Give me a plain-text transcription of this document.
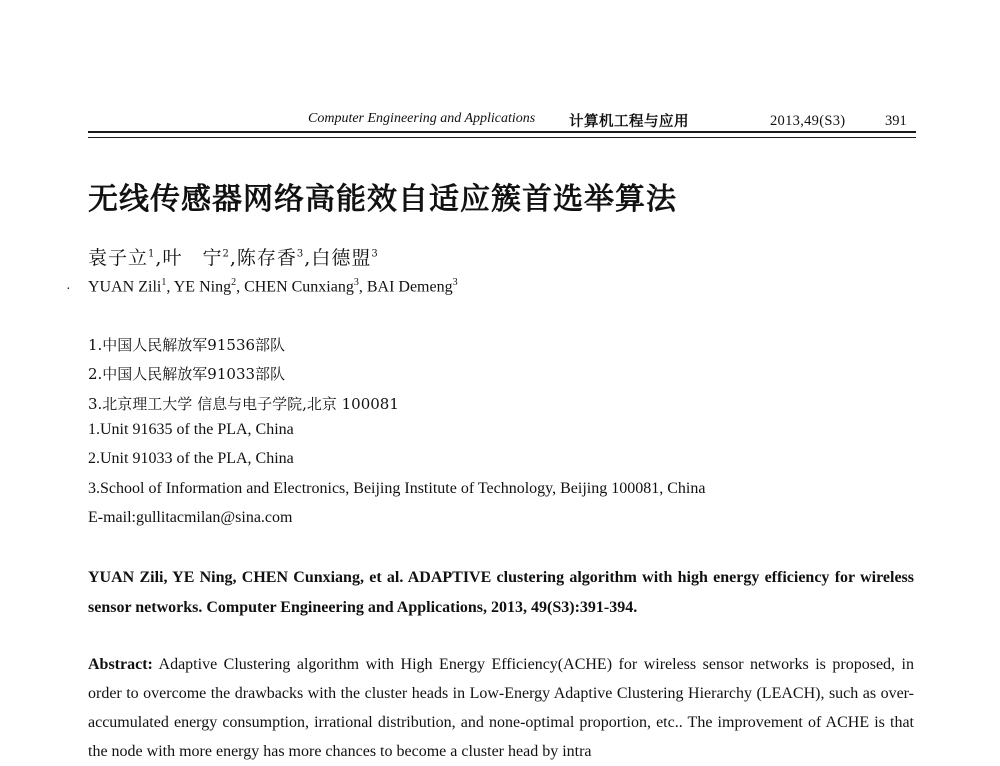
Computer Engineering and Applications 计算机工程与应用	2013,49(S3)	391
无线传感器网络高能效自适应簇首选举算法
袁子立$^1$,叶　宁$^2$,陈存香$^3$,白德盟$^3$
· YUAN Zili$^1$, YE Ning$^2$, CHEN Cunxiang$^3$, BAI Demeng$^3$
1.中国人民解放军91536部队
2.中国人民解放军91033部队
3.北京理工大学 信息与电子学院,北京 100081
1.Unit 91635 of the PLA, China
2.Unit 91033 of the PLA, China
3.School of Information and Electronics, Beijing Institute of Technology, Beijing 100081, China
E-mail:gullitacmilan@sina.com
YUAN Zili, YE Ning, CHEN Cunxiang, et al. ADAPTIVE clustering algorithm with high energy efficiency for wireless sensor networks. Computer Engineering and Applications, 2013, 49(S3):391-394.
Abstract: Adaptive Clustering algorithm with High Energy Efficiency(ACHE) for wireless sensor networks is proposed, in order to overcome the drawbacks with the cluster heads in Low-Energy Adaptive Clustering Hierarchy (LEACH), such as over-accumulated energy consumption, irrational distribution, and none-optimal proportion, etc.. The improvement of ACHE is that the node with more energy has more chances to become a cluster head by intra
